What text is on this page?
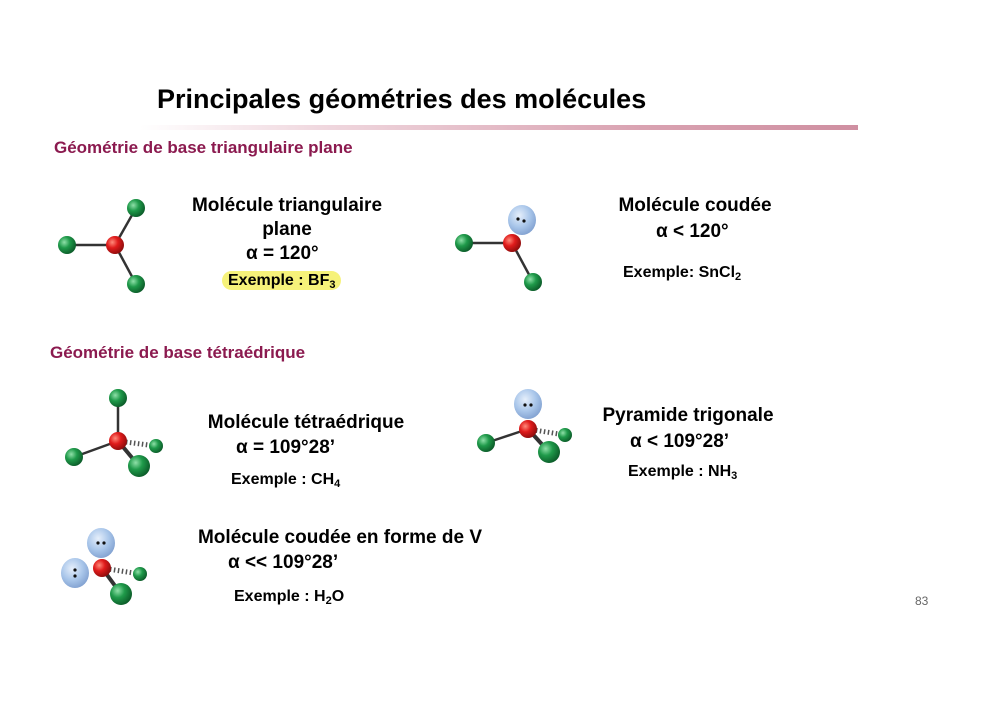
Principales géométries des molécules
Géométrie de base triangulaire plane
Molécule triangulaire
plane
α = 120°
Exemple : $BF_3$
Molécule coudée
α < 120°
Exemple: SnCl$_2$
Géométrie de base tétraédrique
Molécule tétraédrique
α = 109°28’
Exemple : $CH_4$
Pyramide trigonale
α < 109°28’
Exemple : $NH_3$
Molécule coudée en forme de V
α << 109°28’
Exemple : $H_2O$	83
